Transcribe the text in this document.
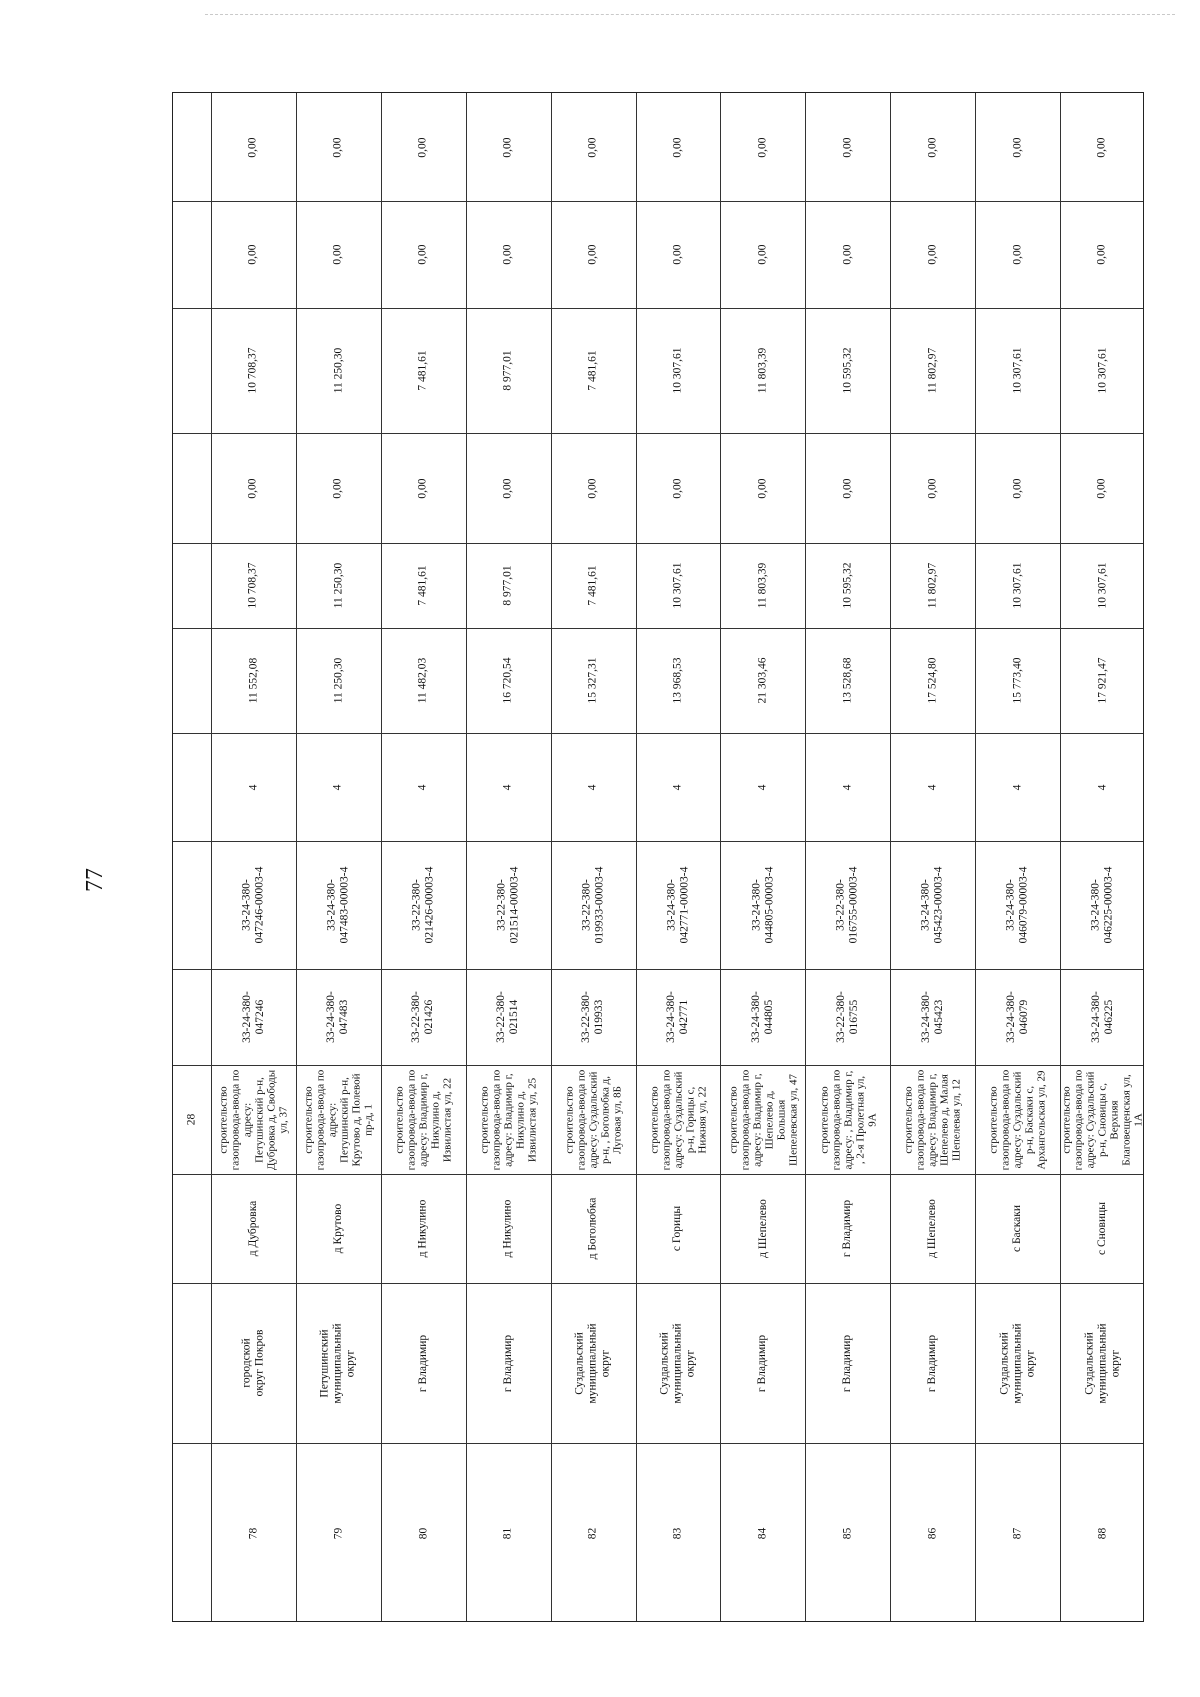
77
28
0,00
0,00
10 708,37
0,00
10 708,37
11 552,08
4
33-24-380-
047246-00003-4
33-24-380-
047246
строительство
газопровода-ввода по
адресу:
Петушинский р-н,
Дубровка д, Свободы
ул, 37
д Дубровка
городской
округ Покров
78
0,00
0,00
11 250,30
0,00
11 250,30
11 250,30
4
33-24-380-
047483-00003-4
33-24-380-
047483
строительство
газопровода-ввода по
адресу:
Петушинский р-н,
Крутово д, Полевой
пр-д, 1
д Крутово
Петушинский
муниципальный
округ
79
0,00
0,00
7 481,61
0,00
7 481,61
11 482,03
4
33-22-380-
021426-00003-4
33-22-380-
021426
строительство
газопровода-ввода по
адресу: Владимир г,
Никулино д,
Извилистая ул, 22
д Никулино
г Владимир
80
0,00
0,00
8 977,01
0,00
8 977,01
16 720,54
4
33-22-380-
021514-00003-4
33-22-380-
021514
строительство
газопровода-ввода по
адресу: Владимир г,
Никулино д,
Извилистая ул, 25
д Никулино
г Владимир
81
0,00
0,00
7 481,61
0,00
7 481,61
15 327,31
4
33-22-380-
019933-00003-4
33-22-380-
019933
строительство
газопровода-ввода по
адресу: Суздальский
р-н, , Боголюбка д,
Луговая ул, 8Б
д Боголюбка
Суздальский
муниципальный
округ
82
0,00
0,00
10 307,61
0,00
10 307,61
13 968,53
4
33-24-380-
042771-00003-4
33-24-380-
042771
строительство
газопровода-ввода по
адресу: Суздальский
р-н, Горицы с,
Нижняя ул, 22
с Горицы
Суздальский
муниципальный
округ
83
0,00
0,00
11 803,39
0,00
11 803,39
21 303,46
4
33-24-380-
044805-00003-4
33-24-380-
044805
строительство
газопровода-ввода по
адресу: Владимир г,
Шепелево д,
Большая
Шепелевская ул, 47
д Шепелево
г Владимир
84
0,00
0,00
10 595,32
0,00
10 595,32
13 528,68
4
33-22-380-
016755-00003-4
33-22-380-
016755
строительство
газопровода-ввода по
адресу: , Владимир г,
, 2-я Пролетная ул,
9А
г Владимир
г Владимир
85
0,00
0,00
11 802,97
0,00
11 802,97
17 524,80
4
33-24-380-
045423-00003-4
33-24-380-
045423
строительство
газопровода-ввода по
адресу: Владимир г,
Шепелево д, Малая
Шепелевая ул, 12
д Шепелево
г Владимир
86
0,00
0,00
10 307,61
0,00
10 307,61
15 773,40
4
33-24-380-
046079-00003-4
33-24-380-
046079
строительство
газопровода-ввода по
адресу: Суздальский
р-н, Баскаки с,
Архангельская ул, 29
с Баскаки
Суздальский
муниципальный
округ
87
0,00
0,00
10 307,61
0,00
10 307,61
17 921,47
4
33-24-380-
046225-00003-4
33-24-380-
046225
строительство
газопровода-ввода по
адресу: Суздальский
р-н, Сновицы с,
Верхняя
Благовещенская ул,
1А
с Сновицы
Суздальский
муниципальный
округ
88
